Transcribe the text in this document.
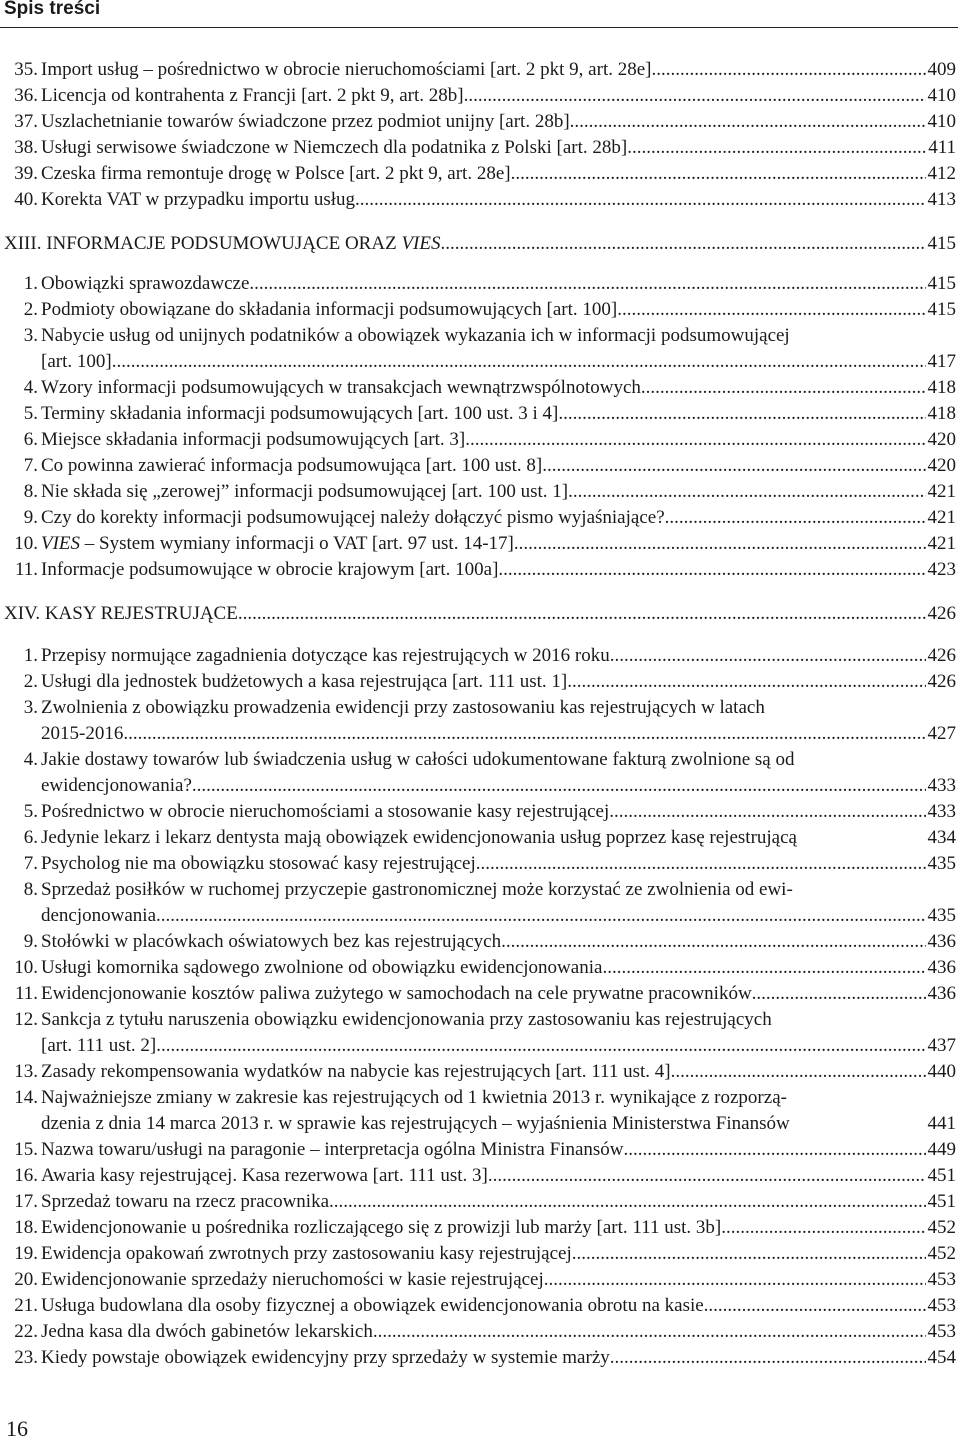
Spis treści
35. Import usług – pośrednictwo w obrocie nieruchomościami [art. 2 pkt 9, art. 28e] .....	409
36. Licencja od kontrahenta z Francji [art. 2 pkt 9, art. 28b] .....	410
37. Uszlachetnianie towarów świadczone przez podmiot unijny [art. 28b] .....	410
38. Usługi serwisowe świadczone w Niemczech dla podatnika z Polski [art. 28b] .....	411
39. Czeska firma remontuje drogę w Polsce [art. 2 pkt 9, art. 28e] .....	412
40. Korekta VAT w przypadku importu usług .....	413
XIII. INFORMACJE PODSUMOWUJĄCE ORAZ VIES .....	415
1. Obowiązki sprawozdawcze .....	415
2. Podmioty obowiązane do składania informacji podsumowujących [art. 100] .....	415
3. Nabycie usług od unijnych podatników a obowiązek wykazania ich w informacji podsumowującej
[art. 100] .....	417
4. Wzory informacji podsumowujących w transakcjach wewnątrzwspólnotowych .....	418
5. Terminy składania informacji podsumowujących [art. 100 ust. 3 i 4] .....	418
6. Miejsce składania informacji podsumowujących [art. 3] .....	420
7. Co powinna zawierać informacja podsumowująca [art. 100 ust. 8] .....	420
8. Nie składa się „zerowej” informacji podsumowującej [art. 100 ust. 1] .....	421
9. Czy do korekty informacji podsumowującej należy dołączyć pismo wyjaśniające? .....	421
10. VIES – System wymiany informacji o VAT [art. 97 ust. 14-17] .....	421
11. Informacje podsumowujące w obrocie krajowym [art. 100a] .....	423
XIV. KASY REJESTRUJĄCE .....	426
1. Przepisy normujące zagadnienia dotyczące kas rejestrujących w 2016 roku .....	426
2. Usługi dla jednostek budżetowych a kasa rejestrująca [art. 111 ust. 1] .....	426
3. Zwolnienia z obowiązku prowadzenia ewidencji przy zastosowaniu kas rejestrujących w latach
2015-2016 .....	427
4. Jakie dostawy towarów lub świadczenia usług w całości udokumentowane fakturą zwolnione są od
ewidencjonowania? .....	433
5. Pośrednictwo w obrocie nieruchomościami a stosowanie kasy rejestrującej .....	433
6. Jedynie lekarz i lekarz dentysta mają obowiązek ewidencjonowania usług poprzez kasę rejestrującą	434
7. Psycholog nie ma obowiązku stosować kasy rejestrującej .....	435
8. Sprzedaż posiłków w ruchomej przyczepie gastronomicznej może korzystać ze zwolnienia od ewi-
dencjonowania .....	435
9. Stołówki w placówkach oświatowych bez kas rejestrujących .....	436
10. Usługi komornika sądowego zwolnione od obowiązku ewidencjonowania .....	436
11. Ewidencjonowanie kosztów paliwa zużytego w samochodach na cele prywatne pracowników .....	436
12. Sankcja z tytułu naruszenia obowiązku ewidencjonowania przy zastosowaniu kas rejestrujących
[art. 111 ust. 2] .....	437
13. Zasady rekompensowania wydatków na nabycie kas rejestrujących [art. 111 ust. 4] .....	440
14. Najważniejsze zmiany w zakresie kas rejestrujących od 1 kwietnia 2013 r. wynikające z rozporzą-
dzenia z dnia 14 marca 2013 r. w sprawie kas rejestrujących – wyjaśnienia Ministerstwa Finansów	441
15. Nazwa towaru/usługi na paragonie – interpretacja ogólna Ministra Finansów .....	449
16. Awaria kasy rejestrującej. Kasa rezerwowa [art. 111 ust. 3] .....	451
17. Sprzedaż towaru na rzecz pracownika .....	451
18. Ewidencjonowanie u pośrednika rozliczającego się z prowizji lub marży [art. 111 ust. 3b] .....	452
19. Ewidencja opakowań zwrotnych przy zastosowaniu kasy rejestrującej .....	452
20. Ewidencjonowanie sprzedaży nieruchomości w kasie rejestrującej .....	453
21. Usługa budowlana dla osoby fizycznej a obowiązek ewidencjonowania obrotu na kasie .....	453
22. Jedna kasa dla dwóch gabinetów lekarskich .....	453
23. Kiedy powstaje obowiązek ewidencyjny przy sprzedaży w systemie marży .....	454
16
